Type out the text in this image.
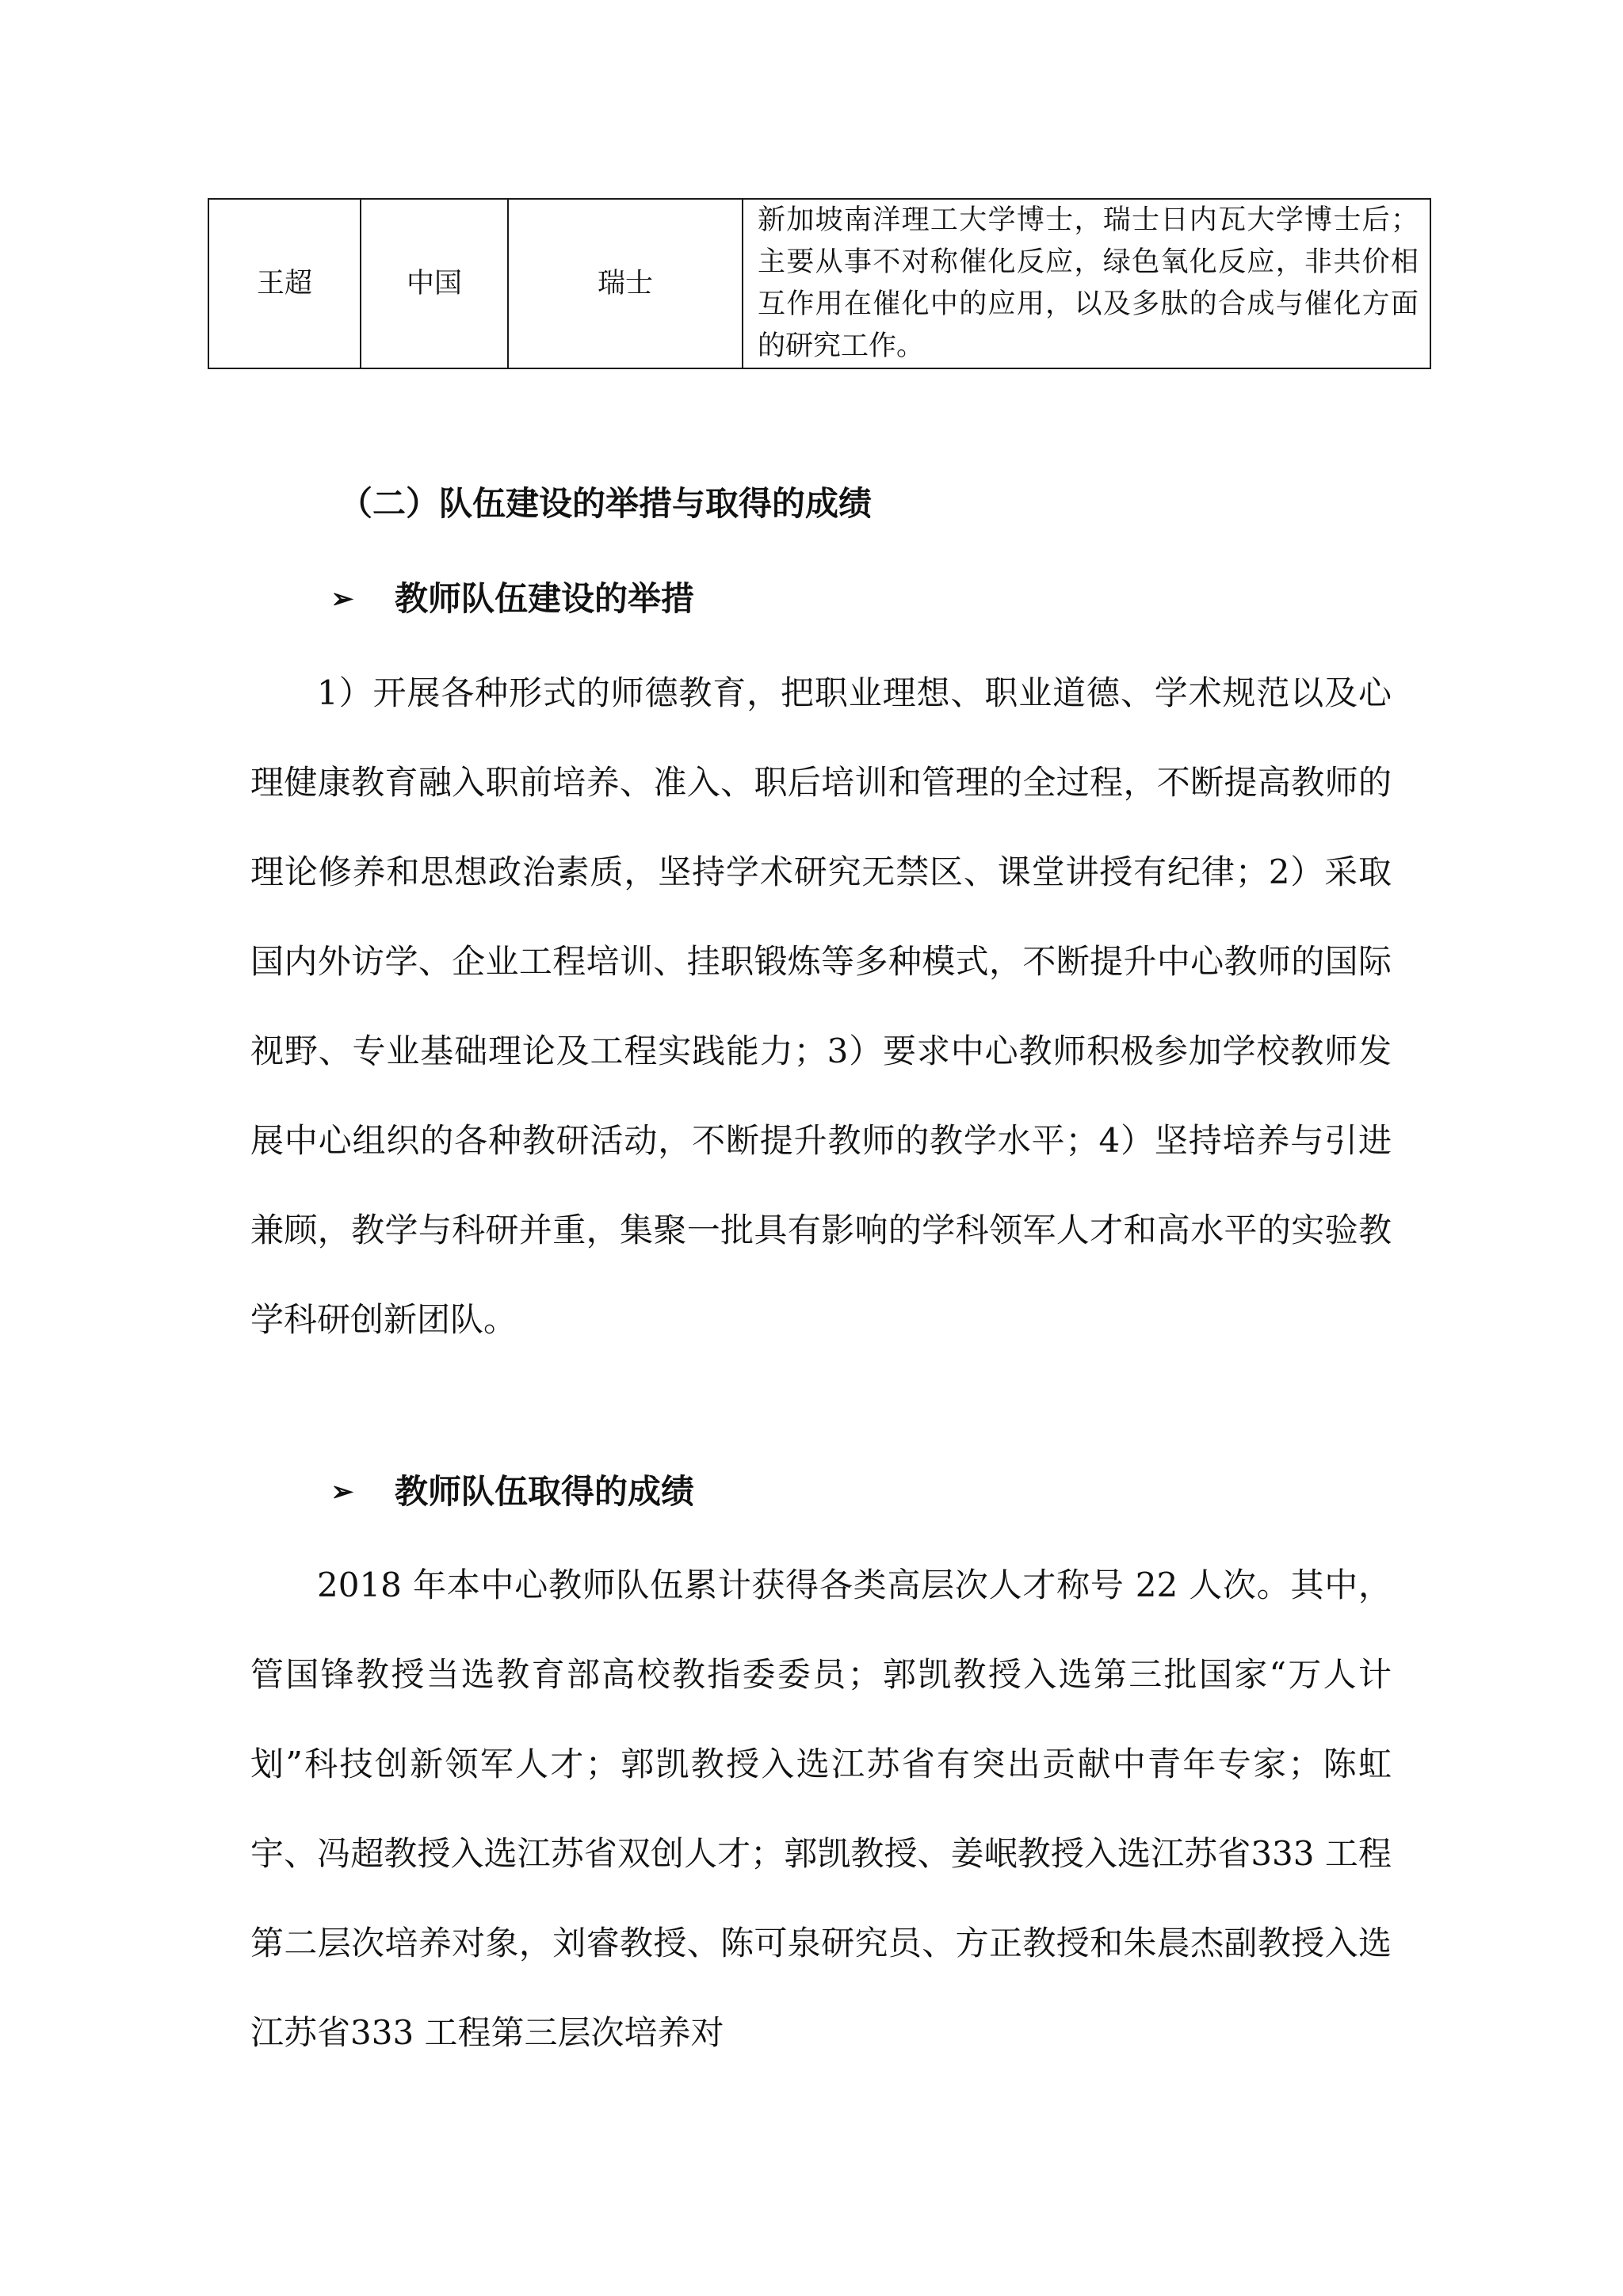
王超	中国	瑞士	新加坡南洋理工大学博士，瑞士日内瓦大学博士后；主要从事不对称催化反应，绿色氧化反应，非共价相互作用在催化中的应用，以及多肽的合成与催化方面的研究工作。
（二）队伍建设的举措与取得的成绩
➢ 教师队伍建设的举措

1）开展各种形式的师德教育，把职业理想、职业道德、学术规范以及心理健康教育融入职前培养、准入、职后培训和管理的全过程，不断提高教师的理论修养和思想政治素质，坚持学术研究无禁区、课堂讲授有纪律；2）采取国内外访学、企业工程培训、挂职锻炼等多种模式，不断提升中心教师的国际视野、专业基础理论及工程实践能力；3）要求中心教师积极参加学校教师发展中心组织的各种教研活动，不断提升教师的教学水平；4）坚持培养与引进兼顾，教学与科研并重，集聚一批具有影响的学科领军人才和高水平的实验教学科研创新团队。

➢ 教师队伍取得的成绩

2018 年本中心教师队伍累计获得各类高层次人才称号 22 人次。其中，管国锋教授当选教育部高校教指委委员；郭凯教授入选第三批国家“万人计划”科技创新领军人才；郭凯教授入选江苏省有突出贡献中青年专家；陈虹宇、冯超教授入选江苏省双创人才；郭凯教授、姜岷教授入选江苏省333 工程第二层次培养对象，刘睿教授、陈可泉研究员、方正教授和朱晨杰副教授入选江苏省333 工程第三层次培养对
